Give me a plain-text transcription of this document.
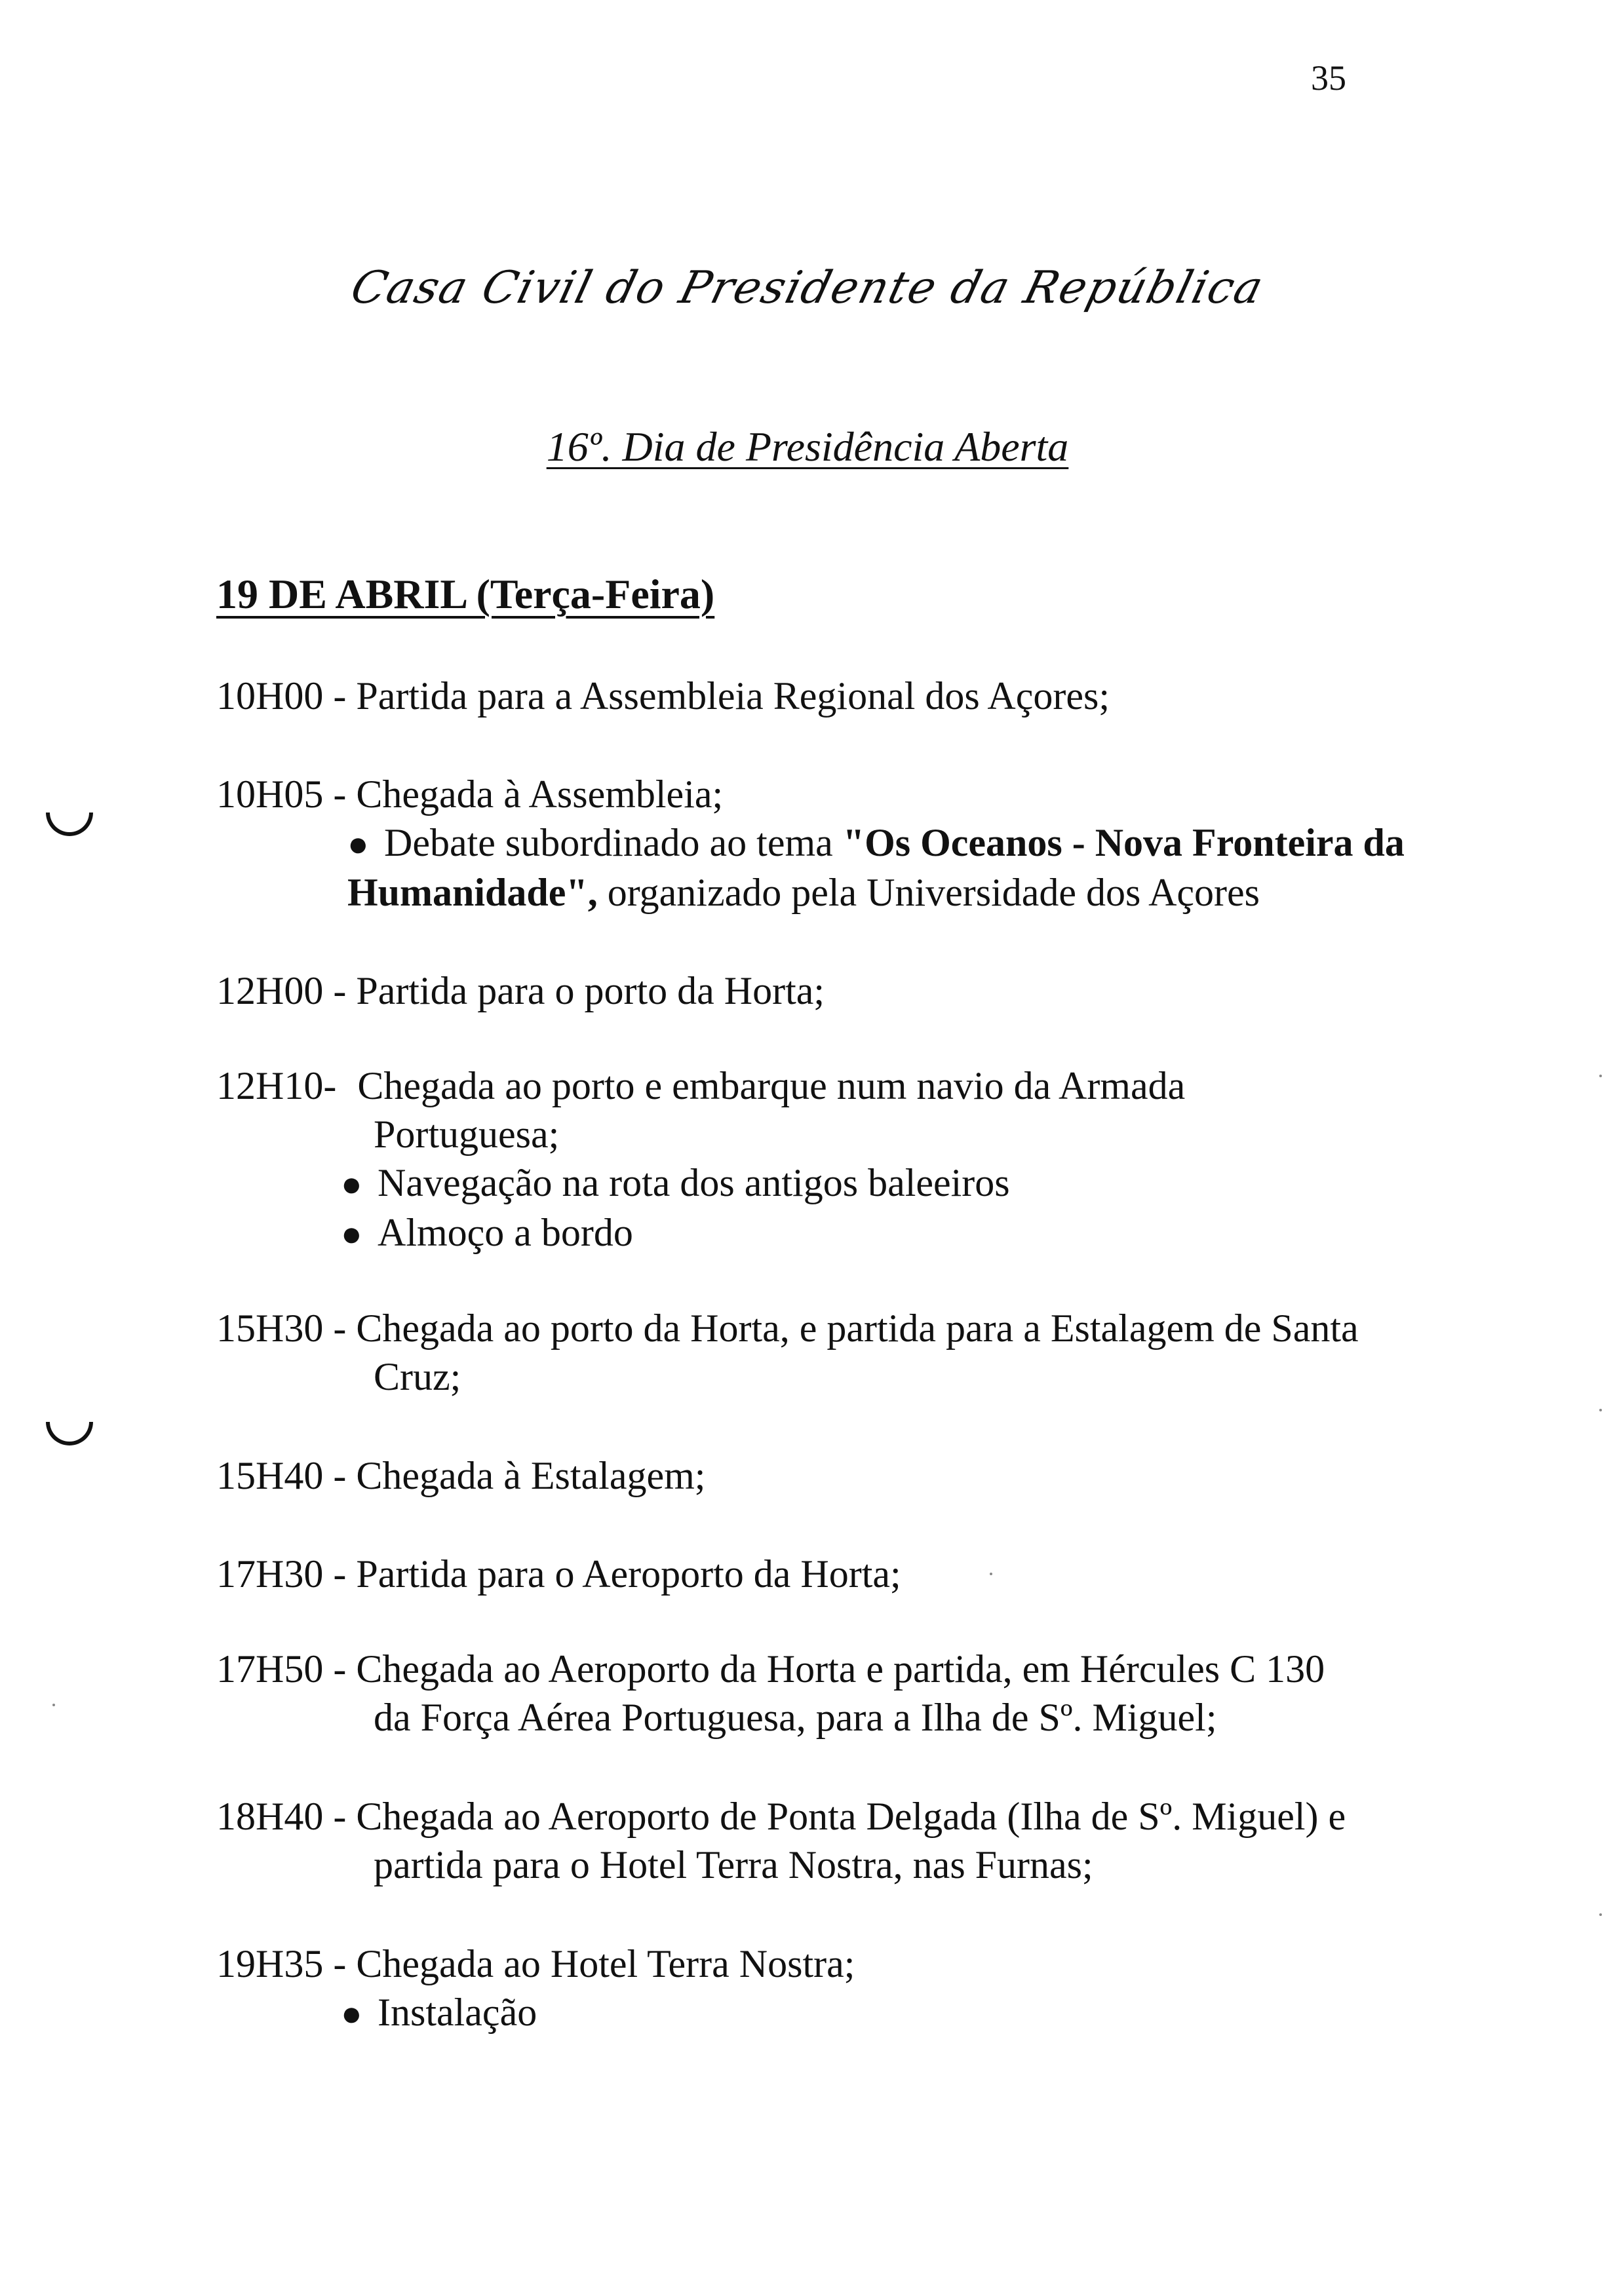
35
Casa Civil do Presidente da República
16º. Dia de Presidência Aberta
19 DE ABRIL (Terça-Feira)
10H00 - Partida para a Assembleia Regional dos Açores;
10H05 - Chegada à Assembleia;
● Debate subordinado ao tema "Os Oceanos - Nova Fronteira da Humanidade", organizado pela Universidade dos Açores
12H00 - Partida para o porto da Horta;
12H10 - Chegada ao porto e embarque num navio da Armada
Portuguesa;
● Navegação na rota dos antigos baleeiros
● Almoço a bordo
15H30 - Chegada ao porto da Horta, e partida para a Estalagem de Santa
Cruz;
15H40 - Chegada à Estalagem;
17H30 - Partida para o Aeroporto da Horta;
17H50 - Chegada ao Aeroporto da Horta e partida, em Hércules C 130
da Força Aérea Portuguesa, para a Ilha de Sº. Miguel;
18H40 - Chegada ao Aeroporto de Ponta Delgada (Ilha de Sº. Miguel) e
partida para o Hotel Terra Nostra, nas Furnas;
19H35 - Chegada ao Hotel Terra Nostra;
● Instalação
